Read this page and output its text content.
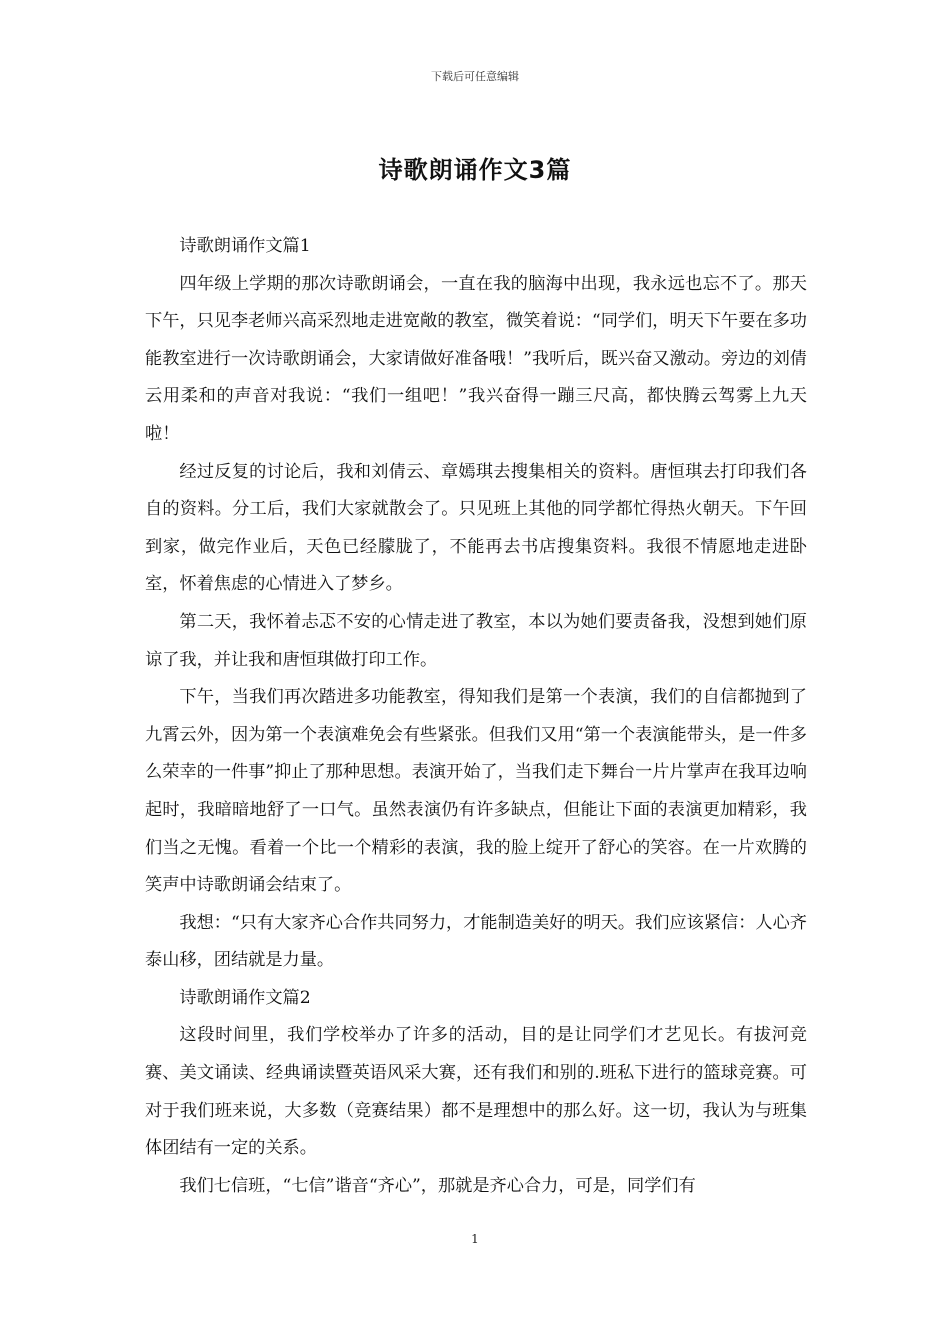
下载后可任意编辑
诗歌朗诵作文3篇

诗歌朗诵作文篇1

四年级上学期的那次诗歌朗诵会，一直在我的脑海中出现，我永远也忘不了。那天下午，只见李老师兴高采烈地走进宽敞的教室，微笑着说：“同学们，明天下午要在多功能教室进行一次诗歌朗诵会，大家请做好准备哦！”我听后，既兴奋又激动。旁边的刘倩云用柔和的声音对我说：“我们一组吧！”我兴奋得一蹦三尺高，都快腾云驾雾上九天啦！

经过反复的讨论后，我和刘倩云、章嫣琪去搜集相关的资料。唐恒琪去打印我们各自的资料。分工后，我们大家就散会了。只见班上其他的同学都忙得热火朝天。下午回到家，做完作业后，天色已经朦胧了，不能再去书店搜集资料。我很不情愿地走进卧室，怀着焦虑的心情进入了梦乡。

第二天，我怀着忐忑不安的心情走进了教室，本以为她们要责备我，没想到她们原谅了我，并让我和唐恒琪做打印工作。

下午，当我们再次踏进多功能教室，得知我们是第一个表演，我们的自信都抛到了九霄云外，因为第一个表演难免会有些紧张。但我们又用“第一个表演能带头，是一件多么荣幸的一件事”抑止了那种思想。表演开始了，当我们走下舞台一片片掌声在我耳边响起时，我暗暗地舒了一口气。虽然表演仍有许多缺点，但能让下面的表演更加精彩，我们当之无愧。看着一个比一个精彩的表演，我的脸上绽开了舒心的笑容。在一片欢腾的笑声中诗歌朗诵会结束了。

我想：“只有大家齐心合作共同努力，才能制造美好的明天。我们应该紧信：人心齐泰山移，团结就是力量。

诗歌朗诵作文篇2

这段时间里，我们学校举办了许多的活动，目的是让同学们才艺见长。有拔河竞赛、美文诵读、经典诵读暨英语风采大赛，还有我们和别的.班私下进行的篮球竞赛。可对于我们班来说，大多数（竞赛结果）都不是理想中的那么好。这一切，我认为与班集体团结有一定的关系。

我们七信班，“七信”谐音“齐心”，那就是齐心合力，可是，同学们有

1
